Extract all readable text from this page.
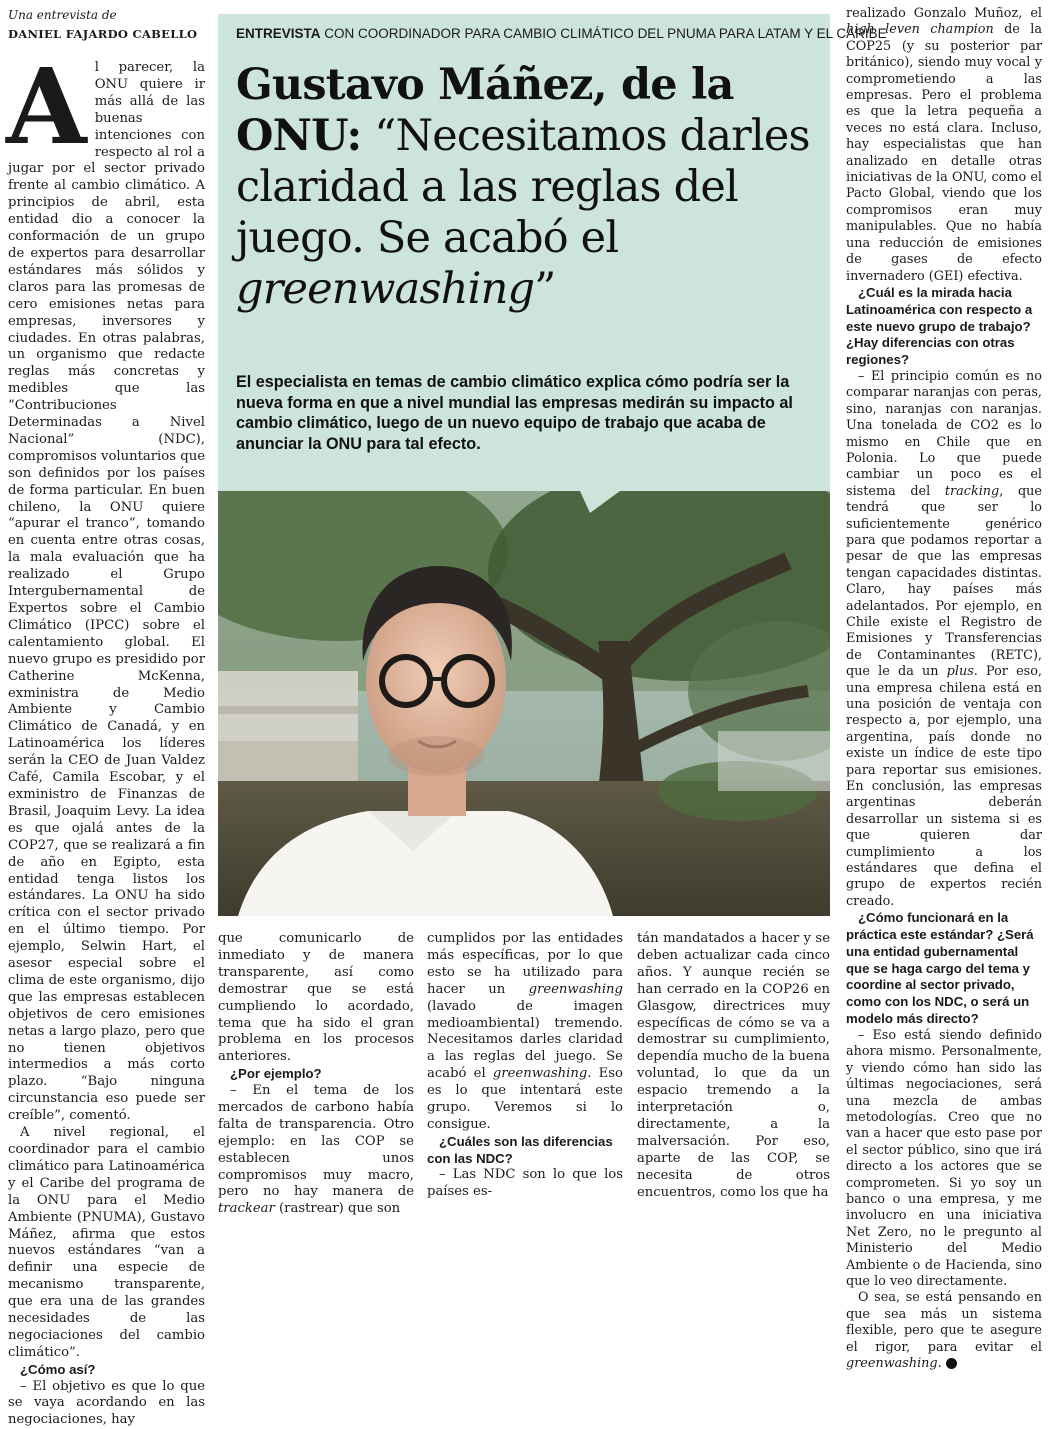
Una entrevista de
DANIEL FAJARDO CABELLO

Al parecer, la ONU quiere ir más allá de las buenas intenciones con respecto al rol a jugar por el sector privado frente al cambio climático. A principios de abril, esta entidad dio a conocer la conformación de un grupo de expertos para desarrollar estándares más sólidos y claros para las promesas de cero emisiones netas para empresas, inversores y ciudades. En otras palabras, un organismo que redacte reglas más concretas y medibles que las “Contribuciones Determinadas a Nivel Nacional” (NDC), compromisos voluntarios que son definidos por los países de forma particular. En buen chileno, la ONU quiere “apurar el tranco”, tomando en cuenta entre otras cosas, la mala evaluación que ha realizado el Grupo Intergubernamental de Expertos sobre el Cambio Climático (IPCC) sobre el calentamiento global. El nuevo grupo es presidido por Catherine McKenna, exministra de Medio Ambiente y Cambio Climático de Canadá, y en Latinoamérica los líderes serán la CEO de Juan Valdez Café, Camila Escobar, y el exministro de Finanzas de Brasil, Joaquim Levy. La idea es que ojalá antes de la COP27, que se realizará a fin de año en Egipto, esta entidad tenga listos los estándares. La ONU ha sido crítica con el sector privado en el último tiempo. Por ejemplo, Selwin Hart, el asesor especial sobre el clima de este organismo, dijo que las empresas establecen objetivos de cero emisiones netas a largo plazo, pero que no tienen objetivos intermedios a más corto plazo. “Bajo ninguna circunstancia eso puede ser creíble”, comentó.

A nivel regional, el coordinador para el cambio climático para Latinoamérica y el Caribe del programa de la ONU para el Medio Ambiente (PNUMA), Gustavo Máñez, afirma que estos nuevos estándares “van a definir una especie de mecanismo transparente, que era una de las grandes necesidades de las negociaciones del cambio climático”.

¿Cómo así?

– El objetivo es que lo que se vaya acordando en las negociaciones, hay

ENTREVISTA CON COORDINADOR PARA CAMBIO CLIMÁTICO DEL PNUMA PARA LATAM Y EL CARIBE
Gustavo Máñez, de la ONU: “Necesitamos darles claridad a las reglas del juego. Se acabó el greenwashing”
El especialista en temas de cambio climático explica cómo podría ser la nueva forma en que a nivel mundial las empresas medirán su impacto al cambio climático, luego de un nuevo equipo de trabajo que acaba de anunciar la ONU para tal efecto.

que comunicarlo de inmediato y de manera transparente, así como demostrar que se está cumpliendo lo acordado, tema que ha sido el gran problema en los procesos anteriores.

¿Por ejemplo?

– En el tema de los mercados de carbono había falta de transparencia. Otro ejemplo: en las COP se establecen unos compromisos muy macro, pero no hay manera de trackear (rastrear) que son

cumplidos por las entidades más específicas, por lo que esto se ha utilizado para hacer un greenwashing (lavado de imagen medioambiental) tremendo. Necesitamos darles claridad a las reglas del juego. Se acabó el greenwashing. Eso es lo que intentará este grupo. Veremos si lo consigue.

¿Cuáles son las diferencias con las NDC?

– Las NDC son lo que los países es-

tán mandatados a hacer y se deben actualizar cada cinco años. Y aunque recién se han cerrado en la COP26 en Glasgow, directrices muy específicas de cómo se va a demostrar su cumplimiento, dependía mucho de la buena voluntad, lo que da un espacio tremendo a la interpretación o, directamente, a la malversación. Por eso, aparte de las COP, se necesita de otros encuentros, como los que ha

realizado Gonzalo Muñoz, el high leven champion de la COP25 (y su posterior par británico), siendo muy vocal y comprometiendo a las empresas. Pero el problema es que la letra pequeña a veces no está clara. Incluso, hay especialistas que han analizado en detalle otras iniciativas de la ONU, como el Pacto Global, viendo que los compromisos eran muy manipulables. Que no había una reducción de emisiones de gases de efecto invernadero (GEI) efectiva.

¿Cuál es la mirada hacia Latinoamérica con respecto a este nuevo grupo de trabajo? ¿Hay diferencias con otras regiones?

– El principio común es no comparar naranjas con peras, sino, naranjas con naranjas. Una tonelada de CO2 es lo mismo en Chile que en Polonia. Lo que puede cambiar un poco es el sistema del tracking, que tendrá que ser lo suficientemente genérico para que podamos reportar a pesar de que las empresas tengan capacidades distintas. Claro, hay países más adelantados. Por ejemplo, en Chile existe el Registro de Emisiones y Transferencias de Contaminantes (RETC), que le da un plus. Por eso, una empresa chilena está en una posición de ventaja con respecto a, por ejemplo, una argentina, país donde no existe un índice de este tipo para reportar sus emisiones. En conclusión, las empresas argentinas deberán desarrollar un sistema si es que quieren dar cumplimiento a los estándares que defina el grupo de expertos recién creado.

¿Cómo funcionará en la práctica este estándar? ¿Será una entidad gubernamental que se haga cargo del tema y coordine al sector privado, como con los NDC, o será un modelo más directo?

– Eso está siendo definido ahora mismo. Personalmente, y viendo cómo han sido las últimas negociaciones, será una mezcla de ambas metodologías. Creo que no van a hacer que esto pase por el sector público, sino que irá directo a los actores que se comprometen. Si yo soy un banco o una empresa, y me involucro en una iniciativa Net Zero, no le pregunto al Ministerio del Medio Ambiente o de Hacienda, sino que lo veo directamente.

O sea, se está pensando en que sea más un sistema flexible, pero que te asegure el rigor, para evitar el greenwashing. P
